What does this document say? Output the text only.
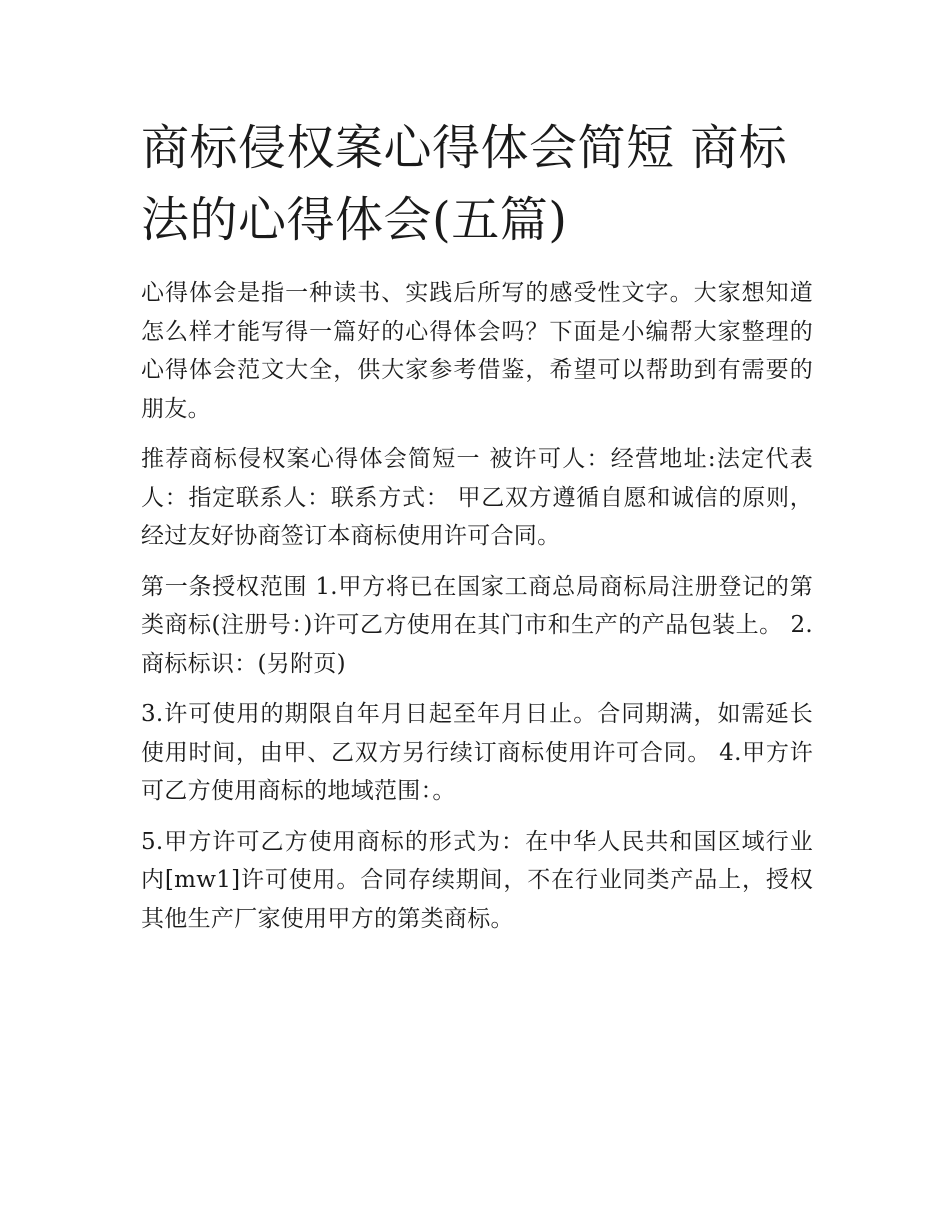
商标侵权案心得体会简短 商标法的心得体会(五篇)

心得体会是指一种读书、实践后所写的感受性文字。大家想知道怎么样才能写得一篇好的心得体会吗？下面是小编帮大家整理的心得体会范文大全，供大家参考借鉴，希望可以帮助到有需要的朋友。

推荐商标侵权案心得体会简短一 被许可人：经营地址:法定代表人：指定联系人：联系方式： 甲乙双方遵循自愿和诚信的原则，经过友好协商签订本商标使用许可合同。

第一条授权范围 1.甲方将已在国家工商总局商标局注册登记的第类商标(注册号：)许可乙方使用在其门市和生产的产品包装上。 2.商标标识：(另附页)

3.许可使用的期限自年月日起至年月日止。合同期满，如需延长使用时间，由甲、乙双方另行续订商标使用许可合同。 4.甲方许可乙方使用商标的地域范围：。

5.甲方许可乙方使用商标的形式为：在中华人民共和国区域行业内[mw1]许可使用。合同存续期间，不在行业同类产品上，授权其他生产厂家使用甲方的第类商标。
